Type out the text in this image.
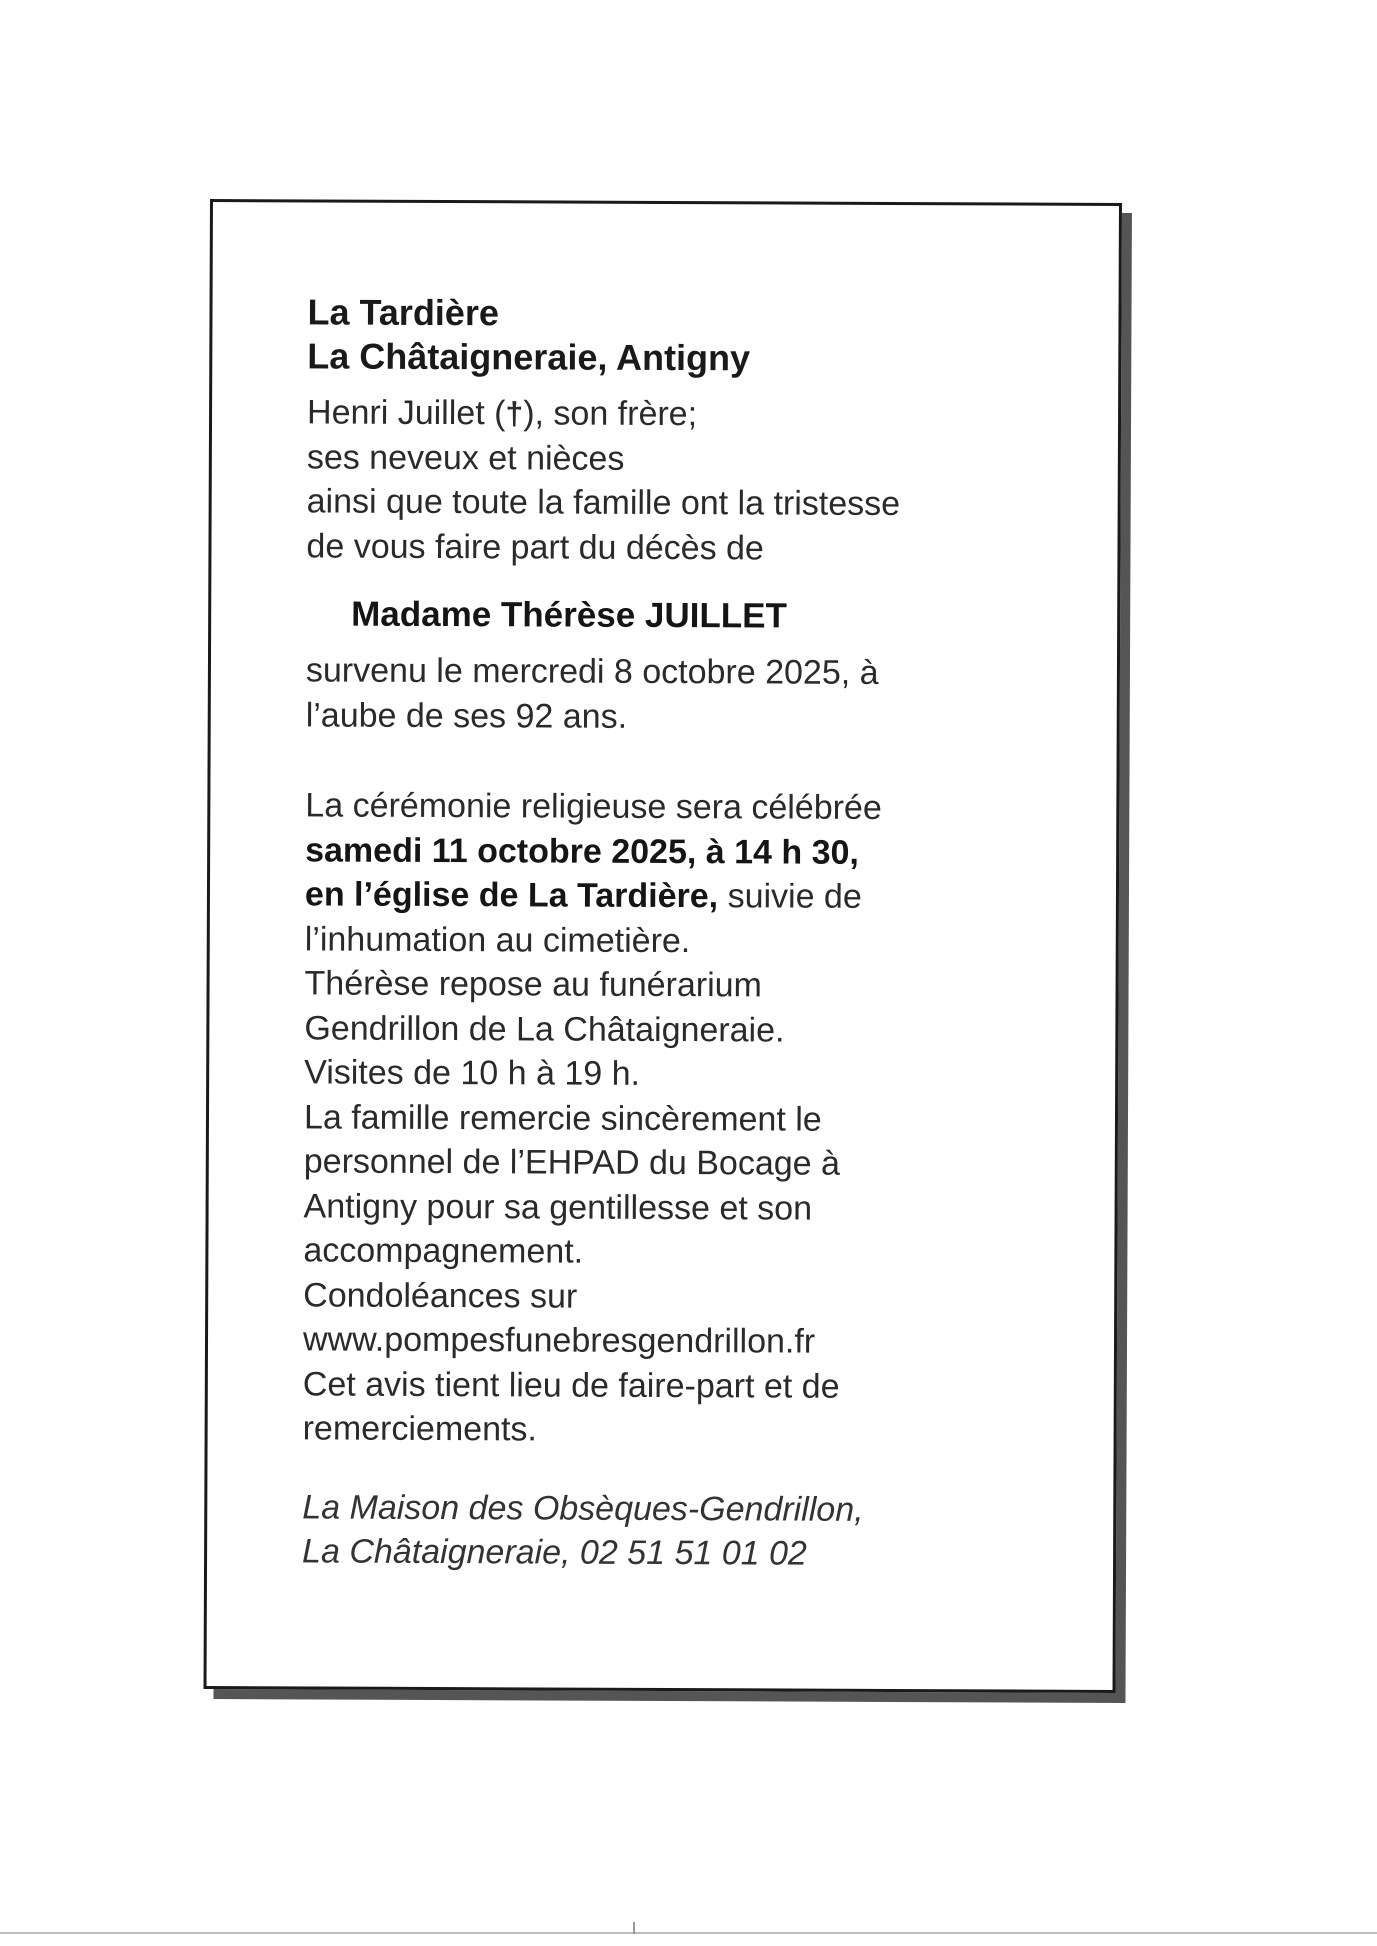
La Tardière
La Châtaigneraie, Antigny
Henri Juillet (†), son frère;
ses neveux et nièces
ainsi que toute la famille ont la tristesse
de vous faire part du décès de
Madame Thérèse JUILLET
survenu le mercredi 8 octobre 2025, à
l’aube de ses 92 ans.
La cérémonie religieuse sera célébrée
samedi 11 octobre 2025, à 14 h 30,
en l’église de La Tardière, suivie de
l’inhumation au cimetière.
Thérèse repose au funérarium
Gendrillon de La Châtaigneraie.
Visites de 10 h à 19 h.
La famille remercie sincèrement le
personnel de l’EHPAD du Bocage à
Antigny pour sa gentillesse et son
accompagnement.
Condoléances sur
www.pompesfunebresgendrillon.fr
Cet avis tient lieu de faire-part et de
remerciements.
La Maison des Obsèques-Gendrillon,
La Châtaigneraie, 02 51 51 01 02
